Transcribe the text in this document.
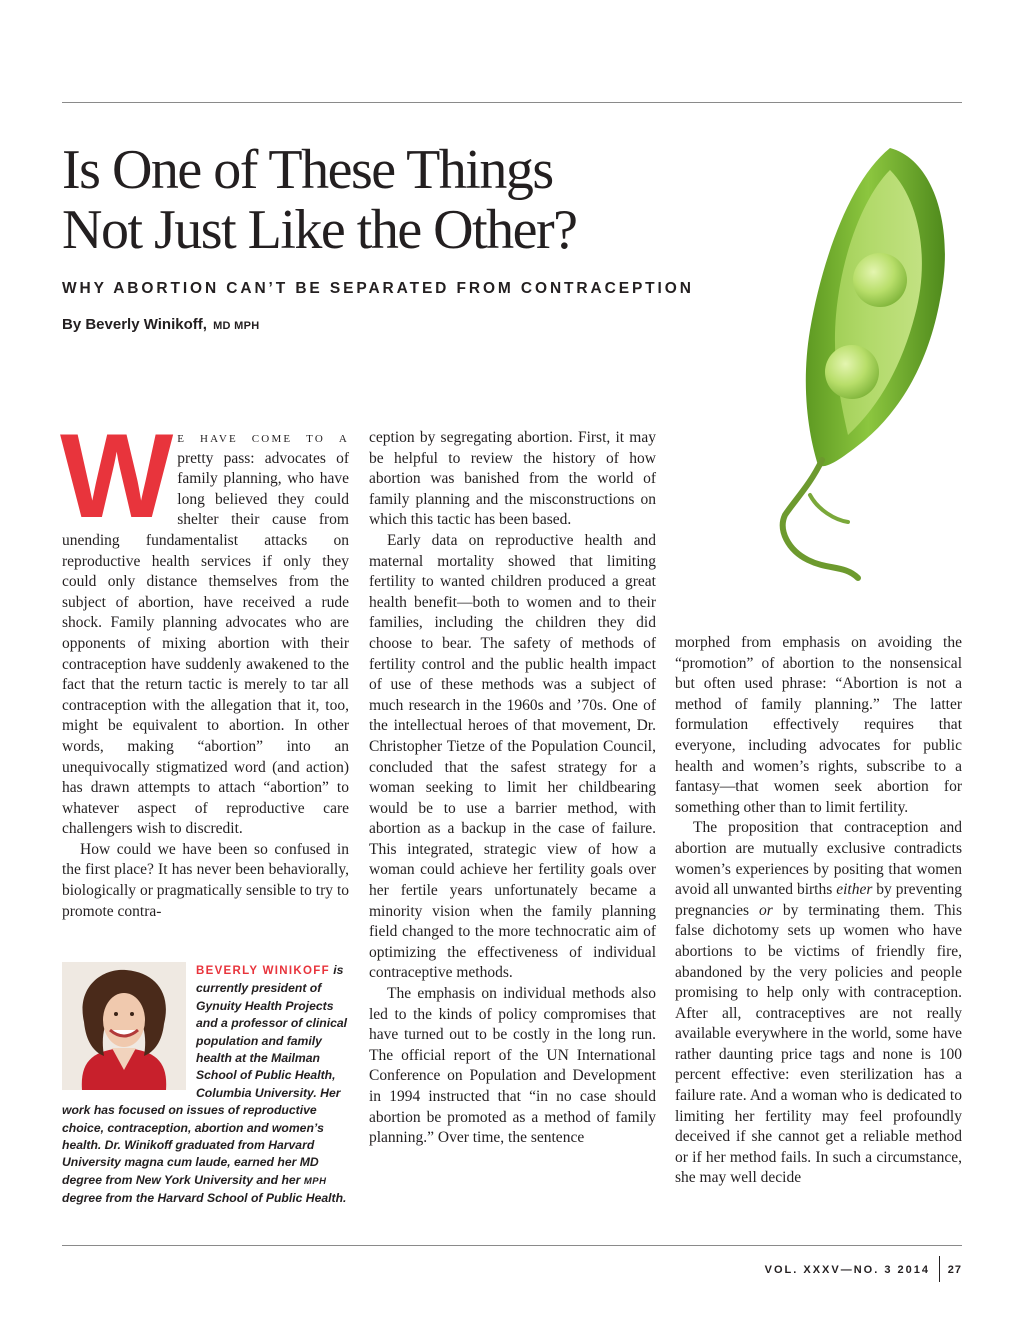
Is One of These Things
Not Just Like the Other?
WHY ABORTION CAN’T BE SEPARATED FROM CONTRACEPTION
By Beverly Winikoff, MD MPH

We have come to a pretty pass: advocates of family planning, who have long believed they could shelter their cause from unending fundamentalist attacks on reproductive health services if only they could only distance themselves from the subject of abortion, have received a rude shock. Family planning advocates who are opponents of mixing abortion with their contraception have suddenly awakened to the fact that the return tactic is merely to tar all contraception with the allegation that it, too, might be equivalent to abortion. In other words, making “abortion” into an unequivocally stigmatized word (and action) has drawn attempts to attach “abortion” to whatever aspect of reproductive care challengers wish to discredit.

How could we have been so confused in the first place? It has never been behaviorally, biologically or pragmatically sensible to try to promote contra-

BEVERLY WINIKOFF is currently president of Gynuity Health Projects and a professor of clinical population and family health at the Mailman School of Public Health, Columbia University. Her work has focused on issues of reproductive choice, contraception, abortion and women’s health. Dr. Winikoff graduated from Harvard University magna cum laude, earned her MD degree from New York University and her MPH degree from the Harvard School of Public Health.

ception by segregating abortion. First, it may be helpful to review the history of how abortion was banished from the world of family planning and the misconstructions on which this tactic has been based.

Early data on reproductive health and maternal mortality showed that limiting fertility to wanted children produced a great health benefit—both to women and to their families, including the children they did choose to bear. The safety of methods of fertility control and the public health impact of use of these methods was a subject of much research in the 1960s and ’70s. One of the intellectual heroes of that movement, Dr. Christopher Tietze of the Population Council, concluded that the safest strategy for a woman seeking to limit her childbearing would be to use a barrier method, with abortion as a backup in the case of failure. This integrated, strategic view of how a woman could achieve her fertility goals over her fertile years unfortunately became a minority vision when the family planning field changed to the more technocratic aim of optimizing the effectiveness of individual contraceptive methods.

The emphasis on individual methods also led to the kinds of policy compromises that have turned out to be costly in the long run. The official report of the UN International Conference on Population and Development in 1994 instructed that “in no case should abortion be promoted as a method of family planning.” Over time, the sentence

morphed from emphasis on avoiding the “promotion” of abortion to the nonsensical but often used phrase: “Abortion is not a method of family planning.” The latter formulation effectively requires that everyone, including advocates for public health and women’s rights, subscribe to a fantasy—that women seek abortion for something other than to limit fertility.

The proposition that contraception and abortion are mutually exclusive contradicts women’s experiences by positing that women avoid all unwanted births either by preventing pregnancies or by terminating them. This false dichotomy sets up women who have abortions to be victims of friendly fire, abandoned by the very policies and people promising to help only with contraception. After all, contraceptives are not really available everywhere in the world, some have rather daunting price tags and none is 100 percent effective: even sterilization has a failure rate. And a woman who is dedicated to limiting her fertility may feel profoundly deceived if she cannot get a reliable method or if her method fails. In such a circumstance, she may well decide

VOL. XXXV—NO. 3 2014 27
